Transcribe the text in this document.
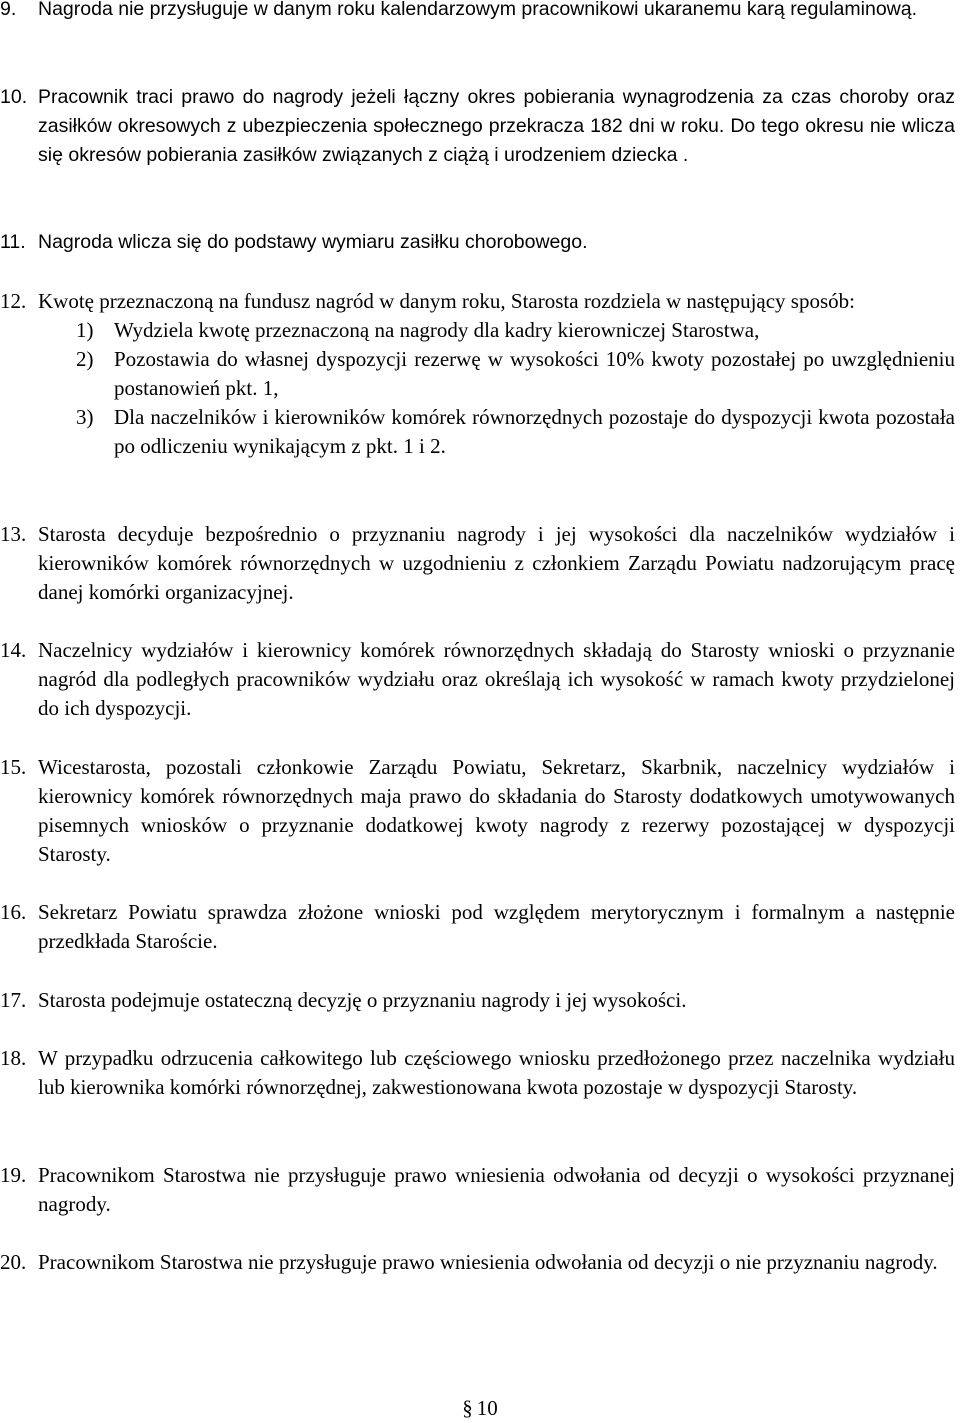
9.	Nagroda nie przysługuje w danym roku kalendarzowym pracownikowi ukaranemu karą regulaminową.
10. Pracownik traci prawo do nagrody jeżeli łączny okres pobierania wynagrodzenia za czas choroby oraz zasiłków okresowych z ubezpieczenia społecznego przekracza 182 dni w roku. Do tego okresu nie wlicza się okresów pobierania zasiłków związanych z ciążą i urodzeniem dziecka .
11. Nagroda wlicza się do podstawy wymiaru zasiłku chorobowego.
12. Kwotę przeznaczoną na fundusz nagród w danym roku, Starosta rozdziela w następujący sposób:
1) Wydziela kwotę przeznaczoną na nagrody dla kadry kierowniczej Starostwa,
2) Pozostawia do własnej dyspozycji rezerwę w wysokości 10% kwoty pozostałej po uwzględnieniu postanowień pkt. 1,
3) Dla naczelników i kierowników komórek równorzędnych pozostaje do dyspozycji kwota pozostała po odliczeniu wynikającym z pkt. 1 i 2.
13. Starosta decyduje bezpośrednio o przyznaniu nagrody i jej wysokości dla naczelników wydziałów i kierowników komórek równorzędnych w uzgodnieniu z członkiem Zarządu Powiatu nadzorującym pracę danej komórki organizacyjnej.
14. Naczelnicy wydziałów i kierownicy komórek równorzędnych składają do Starosty wnioski o przyznanie nagród dla podległych pracowników wydziału oraz określają ich wysokość w ramach kwoty przydzielonej do ich dyspozycji.
15. Wicestarosta, pozostali członkowie Zarządu Powiatu, Sekretarz, Skarbnik, naczelnicy wydziałów i kierownicy komórek równorzędnych maja prawo do składania do Starosty dodatkowych umotywowanych pisemnych wniosków o przyznanie dodatkowej kwoty nagrody z rezerwy pozostającej w dyspozycji Starosty.
16. Sekretarz Powiatu sprawdza złożone wnioski pod względem merytorycznym i formalnym a następnie przedkłada Staroście.
17. Starosta podejmuje ostateczną decyzję o przyznaniu nagrody i jej wysokości.
18. W przypadku odrzucenia całkowitego lub częściowego wniosku przedłożonego przez naczelnika wydziału lub kierownika komórki równorzędnej, zakwestionowana kwota pozostaje w dyspozycji Starosty.
19. Pracownikom Starostwa nie przysługuje prawo wniesienia odwołania od decyzji o wysokości przyznanej nagrody.
20. Pracownikom Starostwa nie przysługuje prawo wniesienia odwołania od decyzji o nie przyznaniu nagrody.
§ 10
